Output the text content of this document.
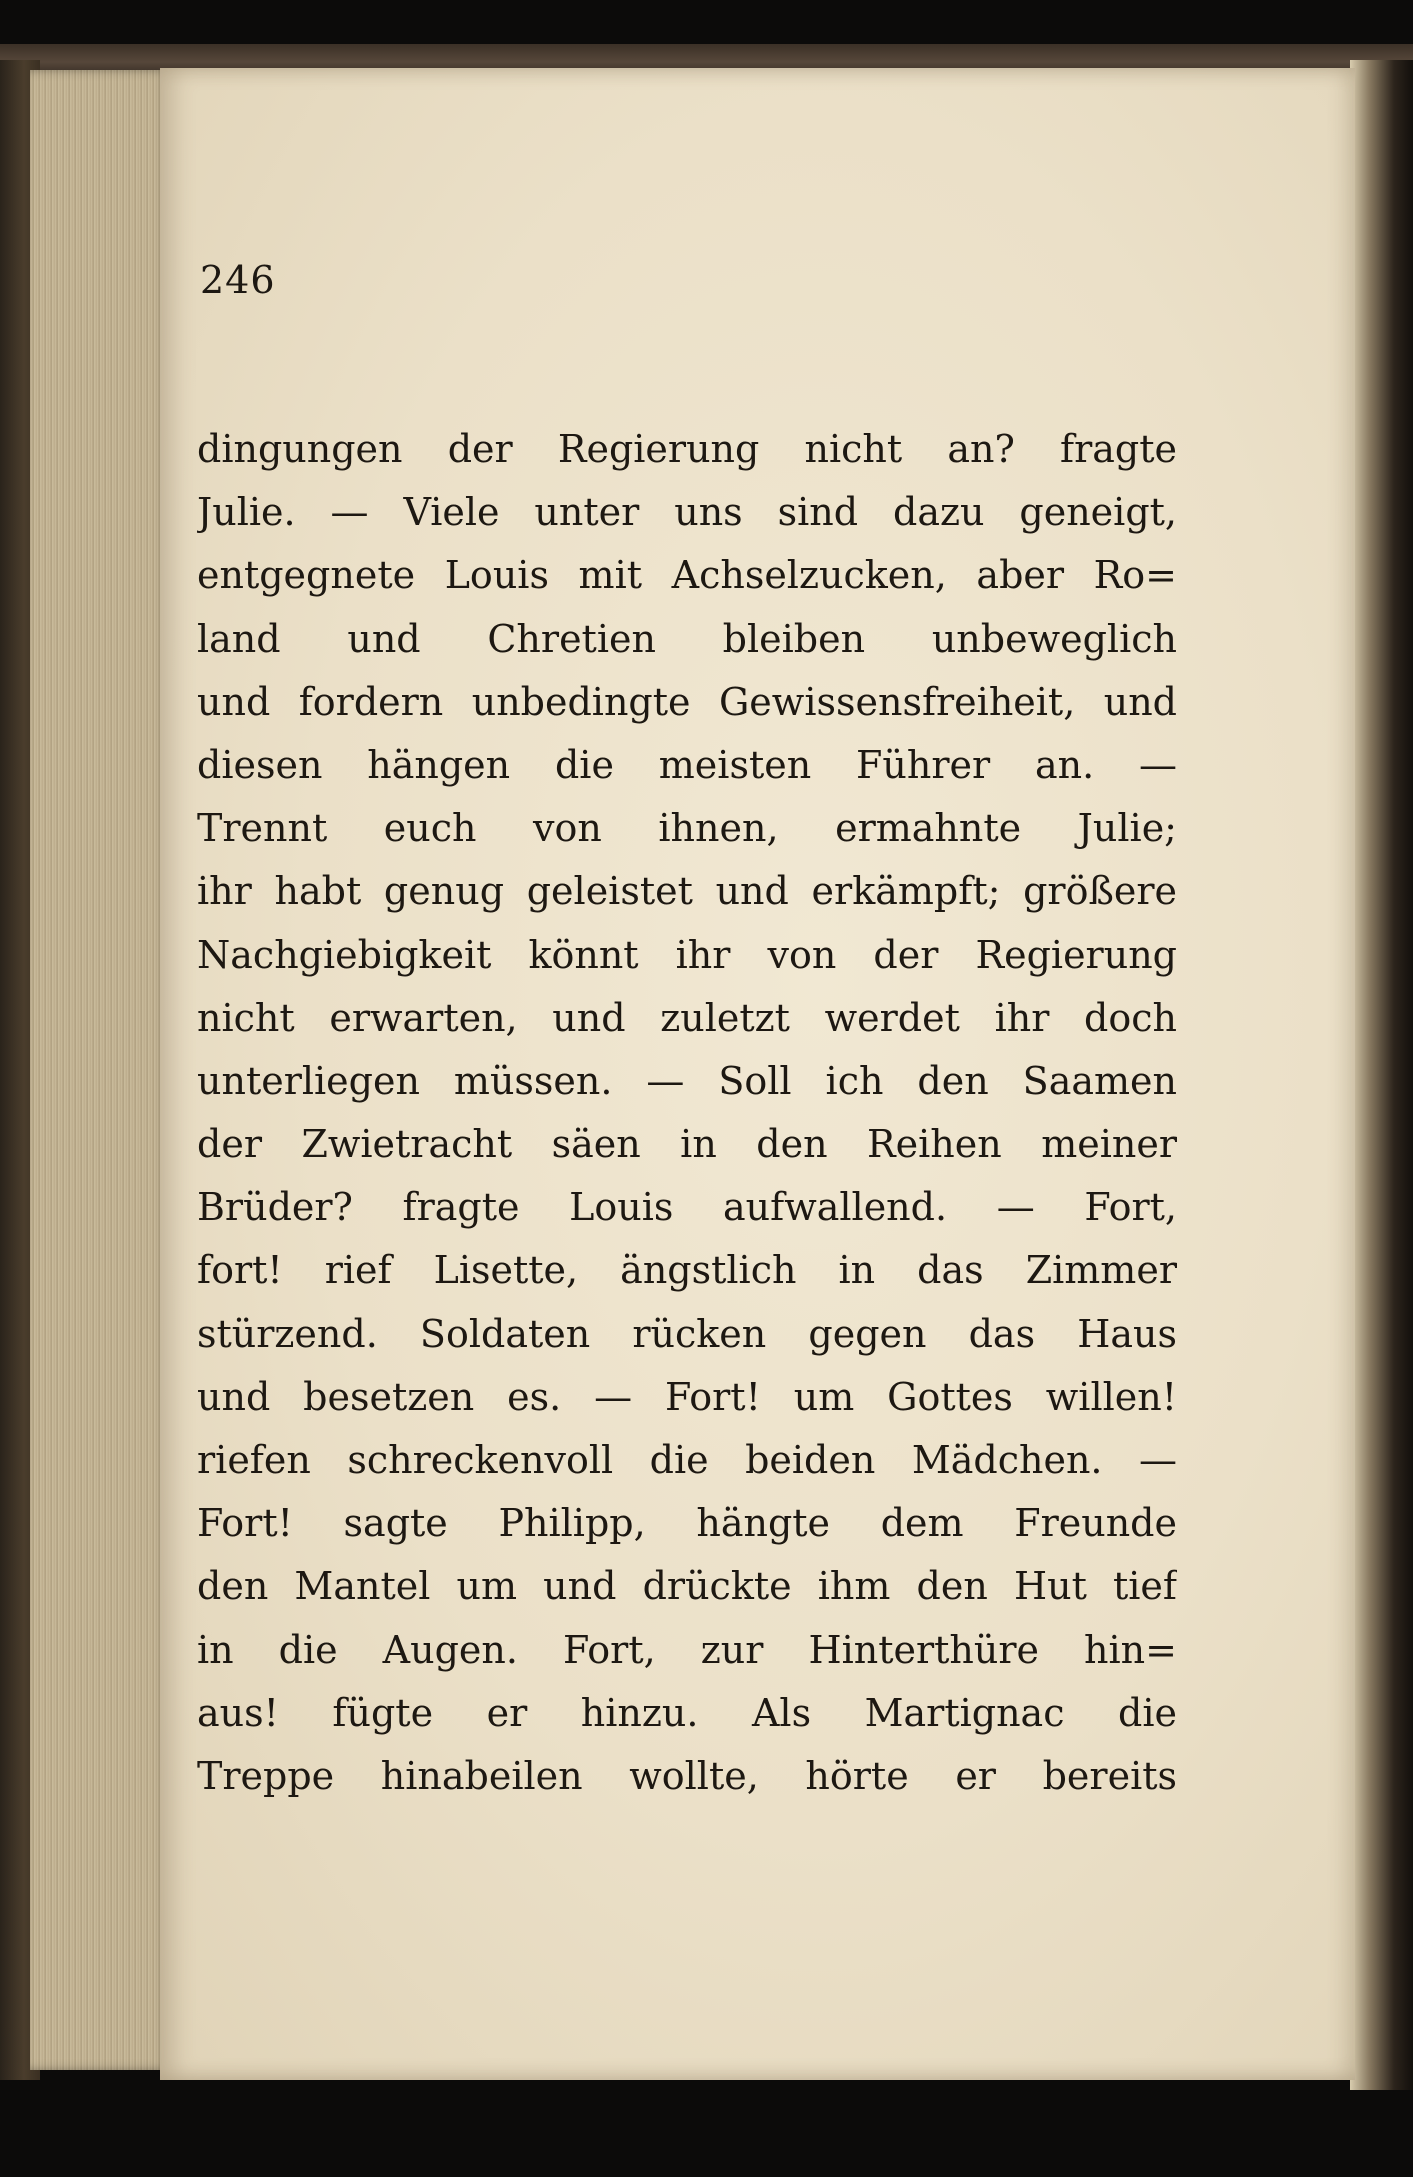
246
dingungen der Regierung nicht an? fragte
Julie. — Viele unter uns sind dazu geneigt,
entgegnete Louis mit Achselzucken, aber Ro=
land und Chretien bleiben unbeweglich
und fordern unbedingte Gewissensfreiheit, und
diesen hängen die meisten Führer an. —
Trennt euch von ihnen, ermahnte Julie;
ihr habt genug geleistet und erkämpft; größere
Nachgiebigkeit könnt ihr von der Regierung
nicht erwarten, und zuletzt werdet ihr doch
unterliegen müssen. — Soll ich den Saamen
der Zwietracht säen in den Reihen meiner
Brüder? fragte Louis aufwallend. — Fort,
fort! rief Lisette, ängstlich in das Zimmer
stürzend. Soldaten rücken gegen das Haus
und besetzen es. — Fort! um Gottes willen!
riefen schreckenvoll die beiden Mädchen. —
Fort! sagte Philipp, hängte dem Freunde
den Mantel um und drückte ihm den Hut tief
in die Augen. Fort, zur Hinterthüre hin=
aus! fügte er hinzu. Als Martignac die
Treppe hinabeilen wollte, hörte er bereits
